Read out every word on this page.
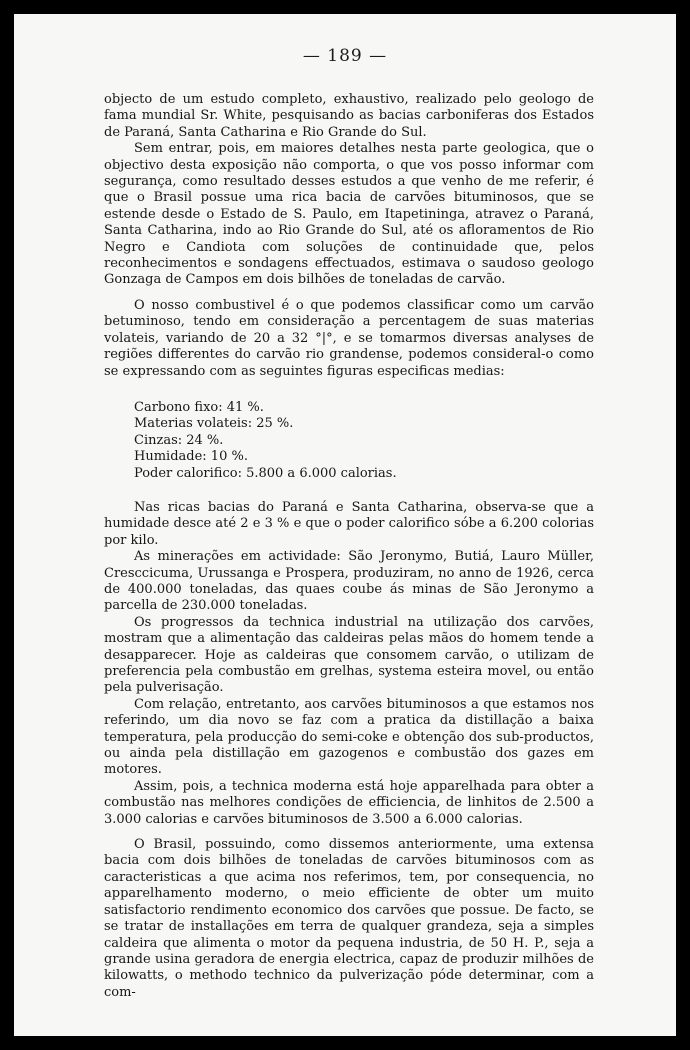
— 189 —

objecto de um estudo completo, exhaustivo, realizado pelo geologo de fama mundial Sr. White, pesquisando as bacias carboniferas dos Estados de Paraná, Santa Catharina e Rio Grande do Sul.

Sem entrar, pois, em maiores detalhes nesta parte geologica, que o objectivo desta exposição não comporta, o que vos posso informar com segurança, como resultado desses estudos a que venho de me referir, é que o Brasil possue uma rica bacia de carvões bituminosos, que se estende desde o Estado de S. Paulo, em Itapetininga, atravez o Paraná, Santa Catharina, indo ao Rio Grande do Sul, até os afloramentos de Rio Negro e Candiota com soluções de continuidade que, pelos reconhecimentos e sondagens effectuados, estimava o saudoso geologo Gonzaga de Campos em dois bilhões de toneladas de carvão.

O nosso combustivel é o que podemos classificar como um carvão betuminoso, tendo em consideração a percentagem de suas materias volateis, variando de 20 a 32 °|°, e se tomarmos diversas analyses de regiões differentes do carvão rio grandense, podemos consideral-o como se expressando com as seguintes figuras especificas medias:

Carbono fixo: 41 %.
Materias volateis: 25 %.
Cinzas: 24 %.
Humidade: 10 %.
Poder calorifico: 5.800 a 6.000 calorias.

Nas ricas bacias do Paraná e Santa Catharina, observa-se que a humidade desce até 2 e 3 % e que o poder calorifico sóbe a 6.200 colorias por kilo.

As minerações em actividade: São Jeronymo, Butiá, Lauro Müller, Cresccicuma, Urussanga e Prospera, produziram, no anno de 1926, cerca de 400.000 toneladas, das quaes coube ás minas de São Jeronymo a parcella de 230.000 toneladas.

Os progressos da technica industrial na utilização dos carvões, mostram que a alimentação das caldeiras pelas mãos do homem tende a desapparecer. Hoje as caldeiras que consomem carvão, o utilizam de preferencia pela combustão em grelhas, systema esteira movel, ou então pela pulverisação.

Com relação, entretanto, aos carvões bituminosos a que estamos nos referindo, um dia novo se faz com a pratica da distillação a baixa temperatura, pela producção do semi-coke e obtenção dos sub-productos, ou ainda pela distillação em gazogenos e combustão dos gazes em motores.

Assim, pois, a technica moderna está hoje apparelhada para obter a combustão nas melhores condições de efficiencia, de linhitos de 2.500 a 3.000 calorias e carvões bituminosos de 3.500 a 6.000 calorias.

O Brasil, possuindo, como dissemos anteriormente, uma extensa bacia com dois bilhões de toneladas de carvões bituminosos com as caracteristicas a que acima nos referimos, tem, por consequencia, no apparelhamento moderno, o meio efficiente de obter um muito satisfactorio rendimento economico dos carvões que possue. De facto, se se tratar de installações em terra de qualquer grandeza, seja a simples caldeira que alimenta o motor da pequena industria, de 50 H. P., seja a grande usina geradora de energia electrica, capaz de produzir milhões de kilowatts, o methodo technico da pulverização póde determinar, com a com-
